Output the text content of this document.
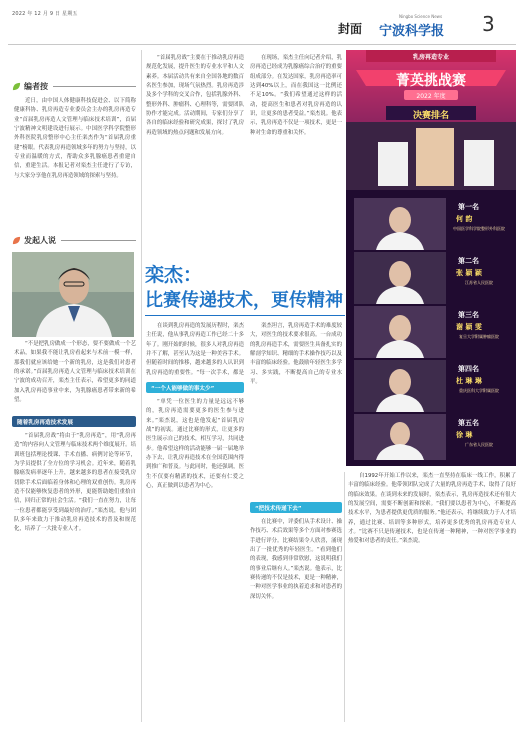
2022 年 12 月 9 日 星期五
封面
Ningbo Science News
宁波科学报 3
编者按

近日，由中国人体健康科技促进会、以下简称健康科协、乳房再造专业委员会主办的乳房再造专业“首届乳房再造人文管理与临床技术培训”，首届宁波精神文明建设进行展示。中国医学科学院整形外科医院乳房整形中心主任栾杰作为“首届乳房重建”榜眼。代表乳房再造领域多年的努力与坚持，以专业而温暖的方式，帮助众多乳腺癌患者重建自信，重建生活。本报记者对栾杰主任进行了专访，与大家分享他在乳房再造领域的探索与坚持。

发起人说

“不是把乳房做成一个形态，要不要做成一个艺术品，如果我不能让乳房看起来与术前一模一样，那我们就应该给她一个新的乳房，这是我们对患者的承诺。”首届乳房再造人文管理与临床技术培训在宁波的成功召开，栾杰主任表示，希望更多的同道加入乳房再造事业中来，为乳腺癌患者带来新的希望。

随着乳房再造技术发展

“首届乳房战”将由于“乳房再造”，用“乳房再造”的内容向人文管理与临床技术两个维度展开。培训班包括理论授课、手术直播、病例讨论等环节，为学员提供了全方位的学习机会。近年来，随着乳腺癌发病率逐年上升，越来越多的患者在接受乳房切除手术后面临着身体和心理的双重创伤。乳房再造不仅能够恢复患者的外形，更能帮助她们重拾自信，回归正常的社会生活。“我们一直在努力，让每一位患者都能享受到最好的治疗。”栾杰说，他与团队多年来致力于推动乳房再造技术的普及和规范化，培养了一大批专业人才。

“首届乳房战”主要在于推动乳房再造规范化发展，提升医生的专业水平和人文素养。本届活动共有来自全国各地的数百名医生参加，现场气氛热烈。乳房再造涉及多个学科的交叉合作，包括乳腺外科、整形外科、肿瘤科、心理科等，需要团队协作才能完成。活动期间，专家们分享了各自的临床经验和研究成果，探讨了乳房再造领域的热点问题和发展方向。

在现场，栾杰主任向记者介绍，乳房再造已经成为乳腺癌综合治疗的重要组成部分。在发达国家，乳房再造率可达到40%以上，而在我国这一比例还不足10%。“我们希望通过这样的活动，提高医生和患者对乳房再造的认识，让更多的患者受益。”栾杰说。他表示，乳房再造不仅是一项技术，更是一种对生命的尊重和关怀。

栾杰：
比赛传递技术，更传精神

在谈到乳房再造的发展历程时，栾杰主任说，他从事乳房再造工作已经二十多年了。刚开始的时候，很多人对乳房再造并不了解，甚至认为这是一种美容手术。但随着时间的推移，越来越多的人认识到乳房再造的重要性。“每一次手术，都是

“一个人能够做的事太少”

“单凭一位医生的力量是远远不够的，乳房再造需要更多的医生参与进来。”栾杰说，这也是他发起“首届乳房战”的初衷。通过比赛的形式，让更多的医生展示自己的技术，相互学习，共同进步。他希望这样的活动能够一届一届地举办下去，让乳房再造技术在全国范围内得到推广和普及。与此同时，他还强调，医生不仅要有精湛的技术，还要有仁爱之心，真正做到以患者为中心。

栾杰坦言，乳房再造手术的难度较大，对医生的技术要求很高。一台成功的乳房再造手术，需要医生具备扎实的解剖学知识、精细的手术操作技巧以及丰富的临床经验。他鼓励年轻医生多学习、多实践，不断提高自己的专业水平。

“把技术传递下去”

在比赛中，评委们从手术设计、操作技巧、术后效果等多个方面对参赛选手进行评分。比赛结果令人欣喜，涌现出了一批优秀的年轻医生。“看到他们的表现，我感到非常欣慰，这说明我们的事业后继有人。”栾杰说。他表示，比赛传递的不仅是技术，更是一种精神，一种对医学事业的执着追求和对患者的深切关怀。

乳房再造专业
菁英挑战赛
2022 年度
决赛排名
第一名
何 韵
中国医学科学院整形外科医院
第二名
张 颖 颖
江苏省人民医院
第三名
谢 颖 雯
复旦大学附属肿瘤医院
第四名
杜 琳 琳
重庆医科大学附属医院
第五名
徐 琳
广东省人民医院

自1992年开始工作以来，栾杰一直坚持在临床一线工作，积累了丰富的临床经验。他带领团队完成了大量的乳房再造手术，取得了良好的临床效果。在谈到未来的发展时，栾杰表示，乳房再造技术还有很大的发展空间，需要不断创新和探索。“我们要以患者为中心，不断提高技术水平，为患者提供更优质的服务。”他还表示，将继续致力于人才培养，通过比赛、培训等多种形式，培养更多优秀的乳房再造专业人才。“比赛不只是传递技术，也是在传递一种精神，一种对医学事业的热爱和对患者的责任。”栾杰说。
